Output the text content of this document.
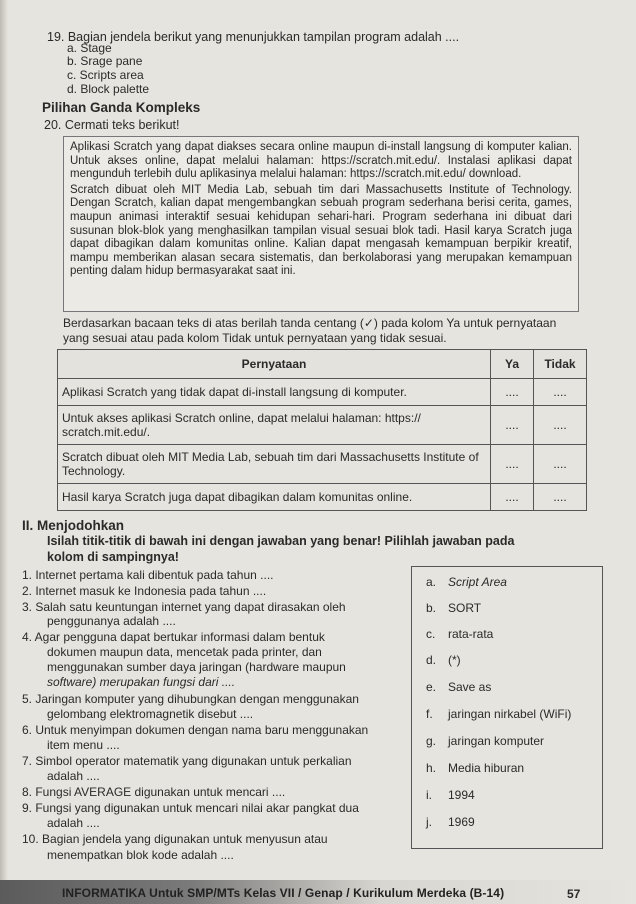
19. Bagian jendela berikut yang menunjukkan tampilan program adalah ....
a. Stage
b. Srage pane
c. Scripts area
d. Block palette
Pilihan Ganda Kompleks
20. Cermati teks berikut!

Aplikasi Scratch yang dapat diakses secara online maupun di-install langsung di komputer kalian. Untuk akses online, dapat melalui halaman: https://scratch.mit.edu/. Instalasi aplikasi dapat mengunduh terlebih dulu aplikasinya melalui halaman: https://scratch.mit.edu/ download.

Scratch dibuat oleh MIT Media Lab, sebuah tim dari Massachusetts Institute of Technology. Dengan Scratch, kalian dapat mengembangkan sebuah program sederhana berisi cerita, games, maupun animasi interaktif sesuai kehidupan sehari-hari. Program sederhana ini dibuat dari susunan blok-blok yang menghasilkan tampilan visual sesuai blok tadi. Hasil karya Scratch juga dapat dibagikan dalam komunitas online. Kalian dapat mengasah kemampuan berpikir kreatif, mampu memberikan alasan secara sistematis, dan berkolaborasi yang merupakan kemampuan penting dalam hidup bermasyarakat saat ini.

Berdasarkan bacaan teks di atas berilah tanda centang (✓) pada kolom Ya untuk pernyataan
yang sesuai atau pada kolom Tidak untuk pernyataan yang tidak sesuai.
Pernyataan	Ya	Tidak
Aplikasi Scratch yang tidak dapat di-install langsung di komputer.	....	....
Untuk akses aplikasi Scratch online, dapat melalui halaman: https:// scratch.mit.edu/.	....	....
Scratch dibuat oleh MIT Media Lab, sebuah tim dari Massachusetts Institute of Technology.	....	....
Hasil karya Scratch juga dapat dibagikan dalam komunitas online.	....	....
II. Menjodohkan
Isilah titik-titik di bawah ini dengan jawaban yang benar! Pilihlah jawaban pada
kolom di sampingnya!
1. Internet pertama kali dibentuk pada tahun ....
2. Internet masuk ke Indonesia pada tahun ....
3. Salah satu keuntungan internet yang dapat dirasakan oleh
penggunanya adalah ....
4. Agar pengguna dapat bertukar informasi dalam bentuk
dokumen maupun data, mencetak pada printer, dan
menggunakan sumber daya jaringan (hardware maupun
software) merupakan fungsi dari ....
5. Jaringan komputer yang dihubungkan dengan menggunakan
gelombang elektromagnetik disebut ....
6. Untuk menyimpan dokumen dengan nama baru menggunakan
item menu ....
7. Simbol operator matematik yang digunakan untuk perkalian
adalah ....
8. Fungsi AVERAGE digunakan untuk mencari ....
9. Fungsi yang digunakan untuk mencari nilai akar pangkat dua
adalah ....
10. Bagian jendela yang digunakan untuk menyusun atau
menempatkan blok kode adalah ....
a. Script Area
b. SORT
c. rata-rata
d. (*)
e. Save as
f. jaringan nirkabel (WiFi)
g. jaringan komputer
h. Media hiburan
i. 1994
j. 1969
INFORMATIKA Untuk SMP/MTs Kelas VII / Genap / Kurikulum Merdeka (B-14)	57
